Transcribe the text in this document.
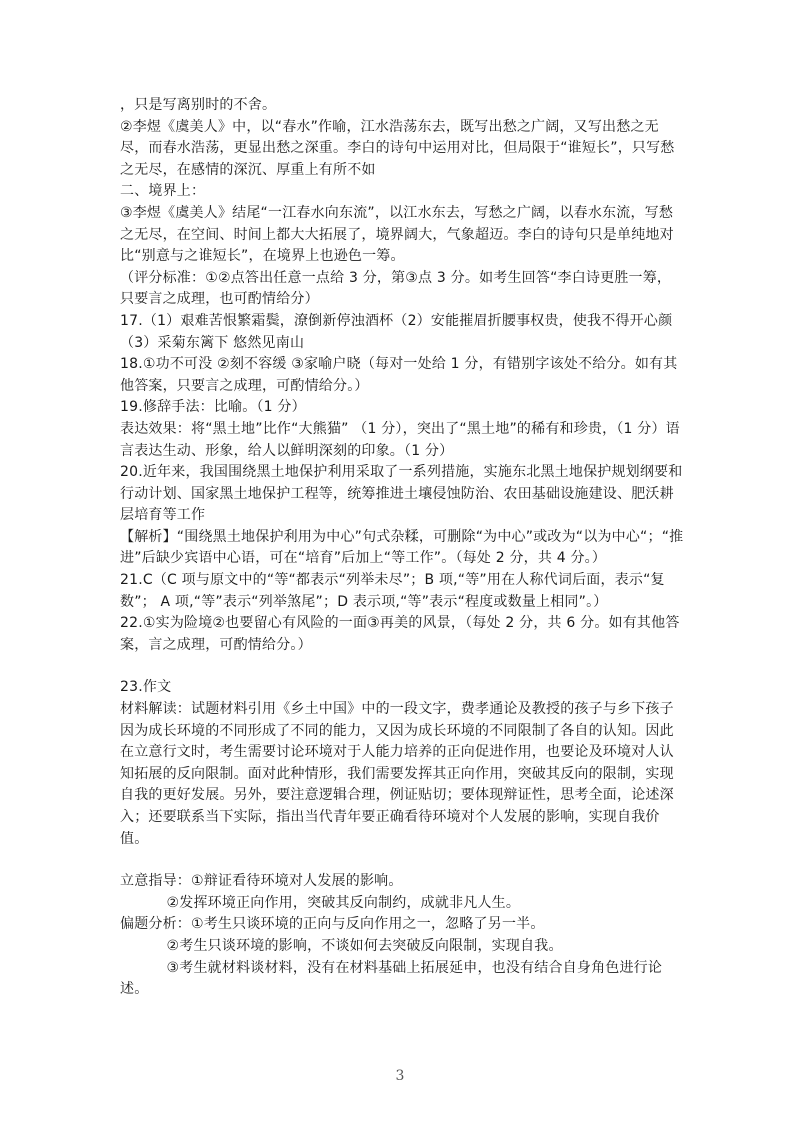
，只是写离别时的不舍。

②李煜《虞美人》中，以“春水”作喻，江水浩荡东去，既写出愁之广阔，又写出愁之无尽，而春水浩荡，更显出愁之深重。李白的诗句中运用对比，但局限于“谁短长”，只写愁之无尽，在感情的深沉、厚重上有所不如

二、境界上：

③李煜《虞美人》结尾“一江春水向东流”，以江水东去，写愁之广阔，以春水东流，写愁之无尽，在空间、时间上都大大拓展了，境界阔大，气象超迈。李白的诗句只是单纯地对比“别意与之谁短长”，在境界上也逊色一筹。

（评分标准：①②点答出任意一点给 3 分，第③点 3 分。如考生回答“李白诗更胜一筹，只要言之成理，也可酌情给分）

17.（1）艰难苦恨繁霜鬓，潦倒新停浊酒杯（2）安能摧眉折腰事权贵，使我不得开心颜（3）采菊东篱下 悠然见南山

18.①功不可没 ②刻不容缓 ③家喻户晓（每对一处给 1 分，有错别字该处不给分。如有其他答案，只要言之成理，可酌情给分。）

19.修辞手法：比喻。（1 分）

表达效果：将“黑土地”比作“大熊猫” （1 分），突出了“黑土地”的稀有和珍贵，（1 分）语言表达生动、形象，给人以鲜明深刻的印象。（1 分）

20.近年来，我国围绕黑土地保护利用采取了一系列措施，实施东北黑土地保护规划纲要和行动计划、国家黑土地保护工程等，统筹推进土壤侵蚀防治、农田基础设施建设、肥沃耕层培育等工作

【解析】“围绕黑土地保护利用为中心”句式杂糅，可删除“为中心”或改为“以为中心“；“推进”后缺少宾语中心语，可在“培育”后加上“等工作”。（每处 2 分，共 4 分。）

21.C（C 项与原文中的“等“都表示“列举未尽”；B 项,“等”用在人称代词后面，表示“复数”； A 项,“等”表示“列举煞尾”；D 表示项,“等”表示“程度或数量上相同”。）

22.①实为险境②也要留心有风险的一面③再美的风景，（每处 2 分，共 6 分。如有其他答案，言之成理，可酌情给分。）

23.作文

材料解读：试题材料引用《乡土中国》中的一段文字，费孝通论及教授的孩子与乡下孩子因为成长环境的不同形成了不同的能力，又因为成长环境的不同限制了各自的认知。因此在立意行文时，考生需要讨论环境对于人能力培养的正向促进作用，也要论及环境对人认知拓展的反向限制。面对此种情形，我们需要发挥其正向作用，突破其反向的限制，实现自我的更好发展。另外，要注意逻辑合理，例证贴切；要体现辩证性，思考全面，论述深入；还要联系当下实际，指出当代青年要正确看待环境对个人发展的影响，实现自我价值。

立意指导：①辩证看待环境对人发展的影响。

②发挥环境正向作用，突破其反向制约，成就非凡人生。

偏题分析：①考生只谈环境的正向与反向作用之一，忽略了另一半。

②考生只谈环境的影响，不谈如何去突破反向限制，实现自我。

③考生就材料谈材料，没有在材料基础上拓展延申，也没有结合自身角色进行论述。

3
